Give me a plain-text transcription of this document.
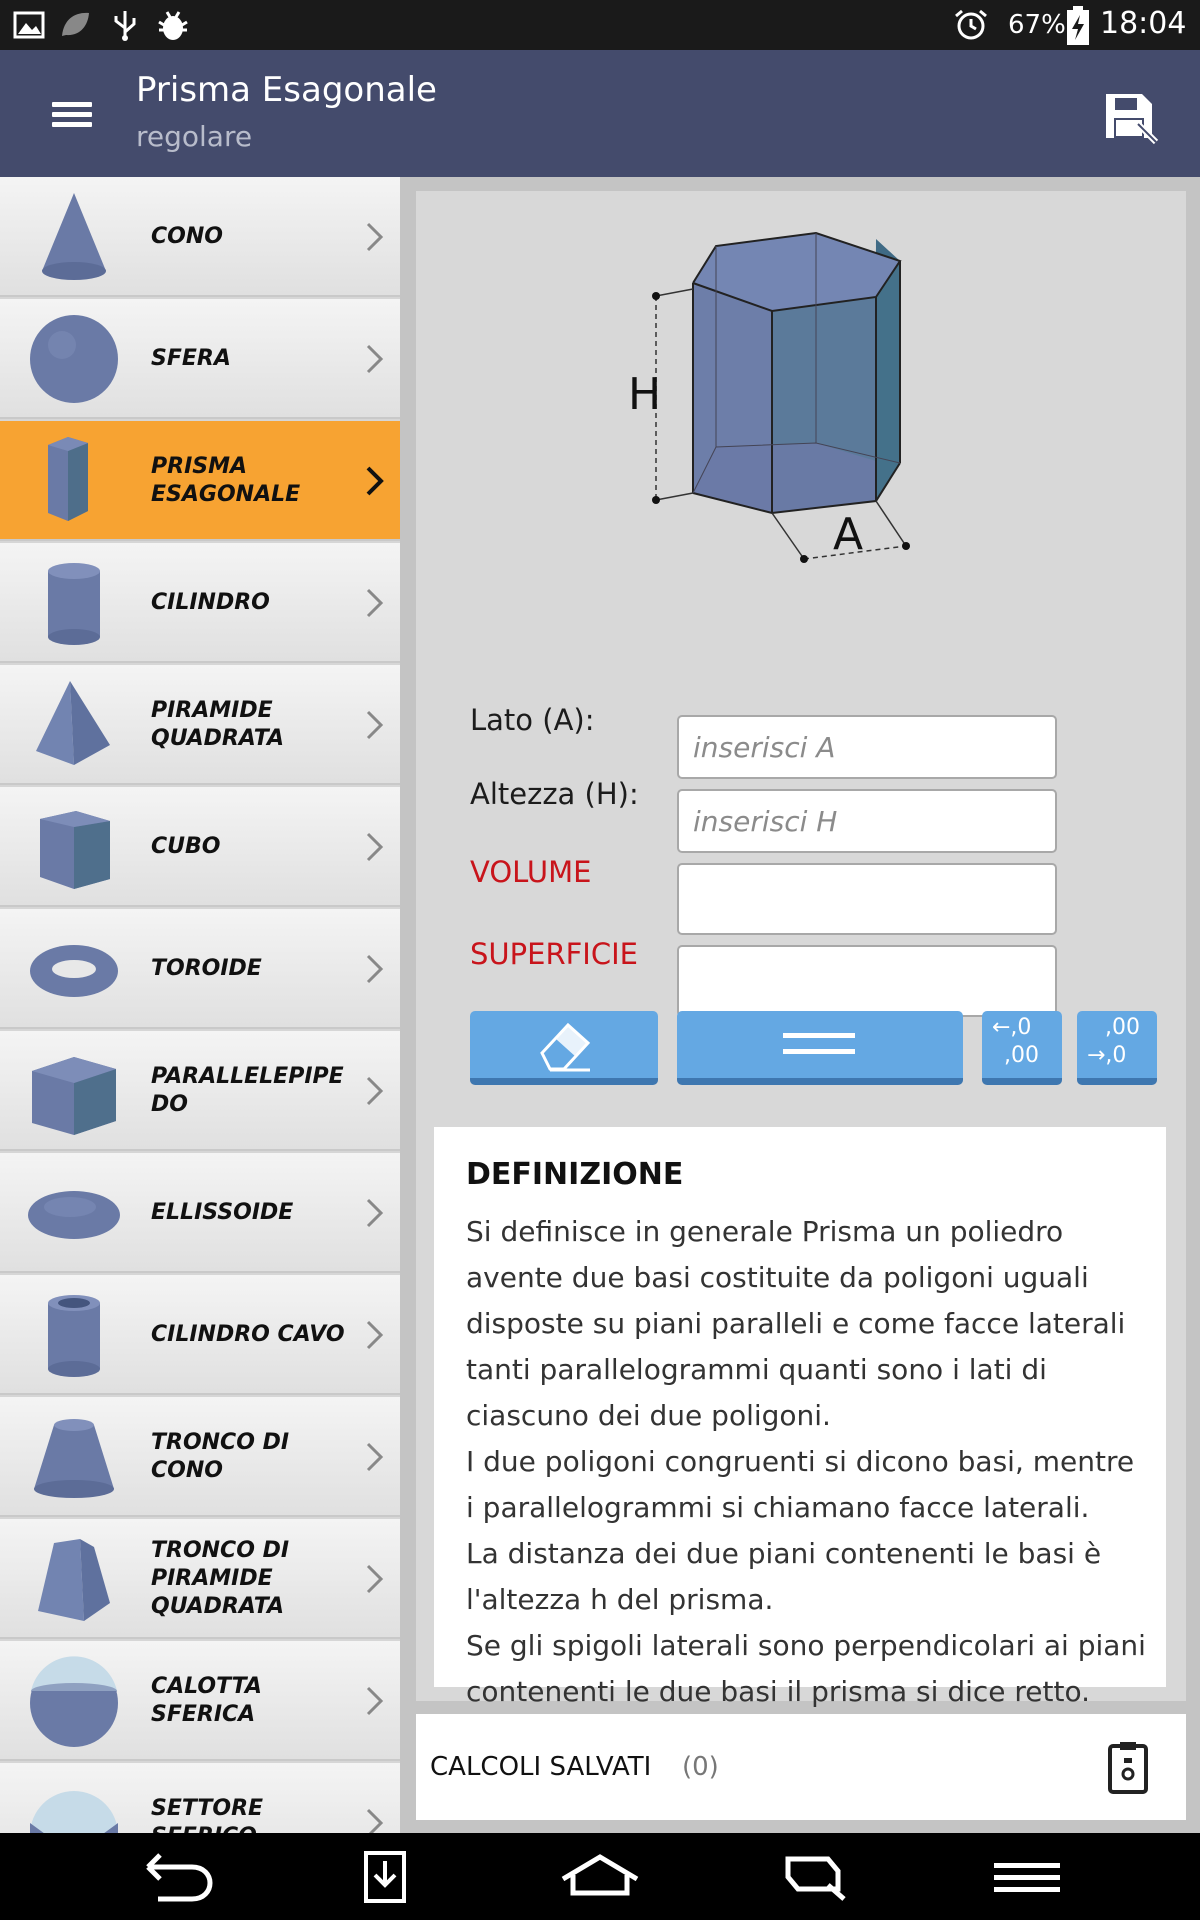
67% 18:04
Prisma Esagonale
regolare
CONO
SFERA
PRISMA
ESAGONALE
CILINDRO
PIRAMIDE
QUADRATA
CUBO
TOROIDE
PARALLELEPIPE
DO
ELLISSOIDE
CILINDRO CAVO
TRONCO DI
CONO
TRONCO DI
PIRAMIDE
QUADRATA
CALOTTA
SFERICA
SETTORE

H
A
Lato (A):
inserisci A
Altezza (H):
inserisci H
VOLUME
SUPERFICIE
←,0
,00
,00
→,0
DEFINIZIONE
Si definisce in generale Prisma un poliedro avente due basi costituite da poligoni uguali disposte su piani paralleli e come facce laterali tanti parallelogrammi quanti sono i lati di ciascuno dei due poligoni.
I due poligoni congruenti si dicono basi, mentre i parallelogrammi si chiamano facce laterali.
La distanza dei due piani contenenti le basi è l'altezza h del prisma.
Se gli spigoli laterali sono perpendicolari ai piani contenenti le due basi il prisma si dice retto.
CALCOLI SALVATI (0)
